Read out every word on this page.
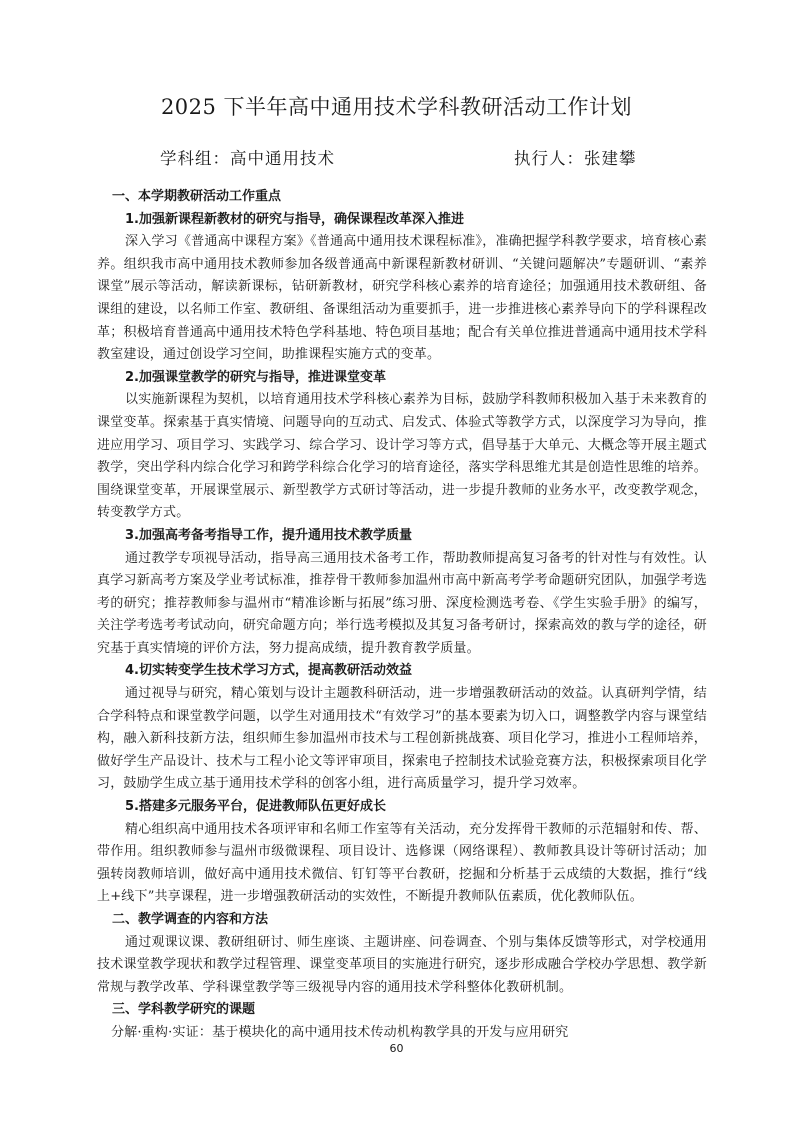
2025 下半年高中通用技术学科教研活动工作计划
学科组：高中通用技术	执行人：张建攀
一、本学期教研活动工作重点
1.加强新课程新教材的研究与指导，确保课程改革深入推进
深入学习《普通高中课程方案》《普通高中通用技术课程标准》，准确把握学科教学要求，培育核心素养。组织我市高中通用技术教师参加各级普通高中新课程新教材研训、“关键问题解决”专题研训、“素养课堂”展示等活动，解读新课标，钻研新教材，研究学科核心素养的培育途径；加强通用技术教研组、备课组的建设，以名师工作室、教研组、备课组活动为重要抓手，进一步推进核心素养导向下的学科课程改革；积极培育普通高中通用技术特色学科基地、特色项目基地；配合有关单位推进普通高中通用技术学科教室建设，通过创设学习空间，助推课程实施方式的变革。
2.加强课堂教学的研究与指导，推进课堂变革
以实施新课程为契机，以培育通用技术学科核心素养为目标，鼓励学科教师积极加入基于未来教育的课堂变革。探索基于真实情境、问题导向的互动式、启发式、体验式等教学方式，以深度学习为导向，推进应用学习、项目学习、实践学习、综合学习、设计学习等方式，倡导基于大单元、大概念等开展主题式教学，突出学科内综合化学习和跨学科综合化学习的培育途径，落实学科思维尤其是创造性思维的培养。围绕课堂变革，开展课堂展示、新型教学方式研讨等活动，进一步提升教师的业务水平，改变教学观念，转变教学方式。
3.加强高考备考指导工作，提升通用技术教学质量
通过教学专项视导活动，指导高三通用技术备考工作，帮助教师提高复习备考的针对性与有效性。认真学习新高考方案及学业考试标准，推荐骨干教师参加温州市高中新高考学考命题研究团队，加强学考选考的研究；推荐教师参与温州市“精准诊断与拓展”练习册、深度检测选考卷、《学生实验手册》的编写，关注学考选考考试动向，研究命题方向；举行选考模拟及其复习备考研讨，探索高效的教与学的途径，研究基于真实情境的评价方法，努力提高成绩，提升教育教学质量。
4.切实转变学生技术学习方式，提高教研活动效益
通过视导与研究，精心策划与设计主题教科研活动，进一步增强教研活动的效益。认真研判学情，结合学科特点和课堂教学问题，以学生对通用技术“有效学习”的基本要素为切入口，调整教学内容与课堂结构，融入新科技新方法，组织师生参加温州市技术与工程创新挑战赛、项目化学习，推进小工程师培养，做好学生产品设计、技术与工程小论文等评审项目，探索电子控制技术试验竞赛方法，积极探索项目化学习，鼓励学生成立基于通用技术学科的创客小组，进行高质量学习，提升学习效率。
5.搭建多元服务平台，促进教师队伍更好成长
精心组织高中通用技术各项评审和名师工作室等有关活动，充分发挥骨干教师的示范辐射和传、帮、带作用。组织教师参与温州市级微课程、项目设计、选修课（网络课程）、教师教具设计等研讨活动；加强转岗教师培训，做好高中通用技术微信、钉钉等平台教研，挖掘和分析基于云成绩的大数据，推行“线上+线下”共享课程，进一步增强教研活动的实效性，不断提升教师队伍素质，优化教师队伍。
二、教学调查的内容和方法
通过观课议课、教研组研讨、师生座谈、主题讲座、问卷调查、个别与集体反馈等形式，对学校通用技术课堂教学现状和教学过程管理、课堂变革项目的实施进行研究，逐步形成融合学校办学思想、教学新常规与教学改革、学科课堂教学等三级视导内容的通用技术学科整体化教研机制。
三、学科教学研究的课题
分解·重构·实证：基于模块化的高中通用技术传动机构教学具的开发与应用研究
60
